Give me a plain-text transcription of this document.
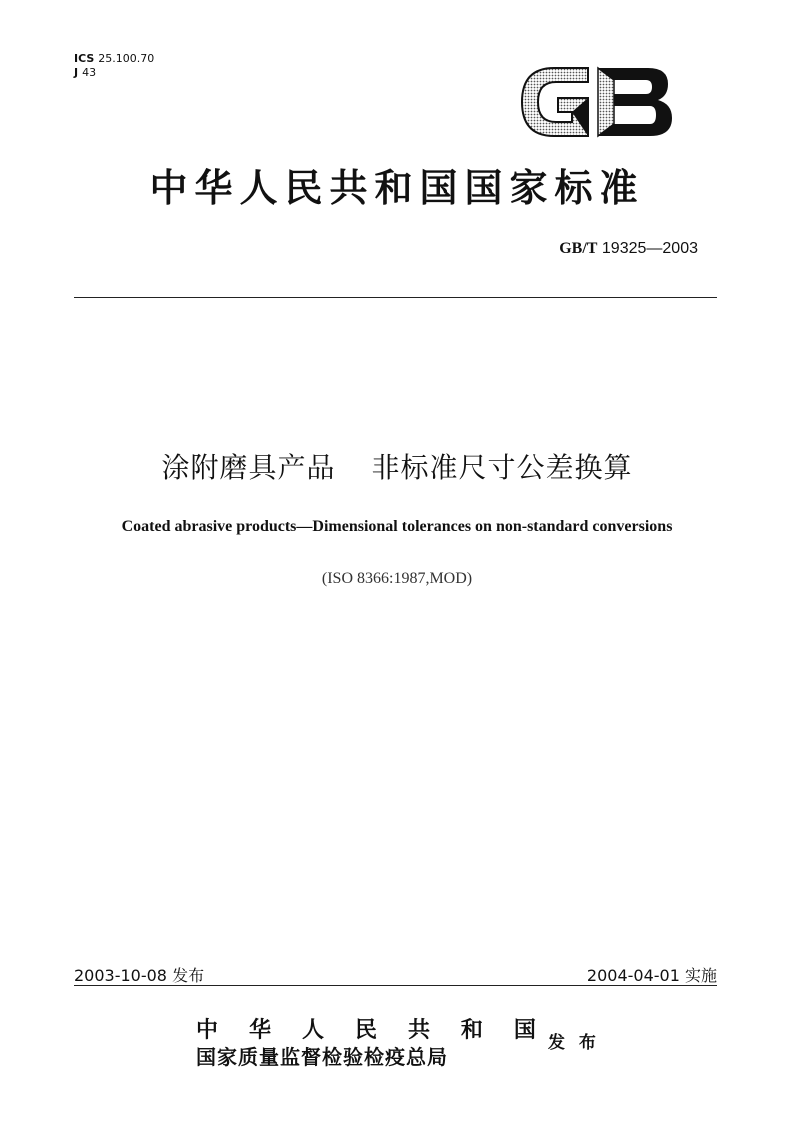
ICS 25.100.70
J 43
中华人民共和国国家标准
GB/T 19325—2003
涂附磨具产品 非标准尺寸公差换算
Coated abrasive products—Dimensional tolerances on non-standard conversions
(ISO 8366:1987,MOD)
2003-10-08 发布	2004-04-01 实施
中 华 人 民 共 和 国
国家质量监督检验检疫总局
发 布
